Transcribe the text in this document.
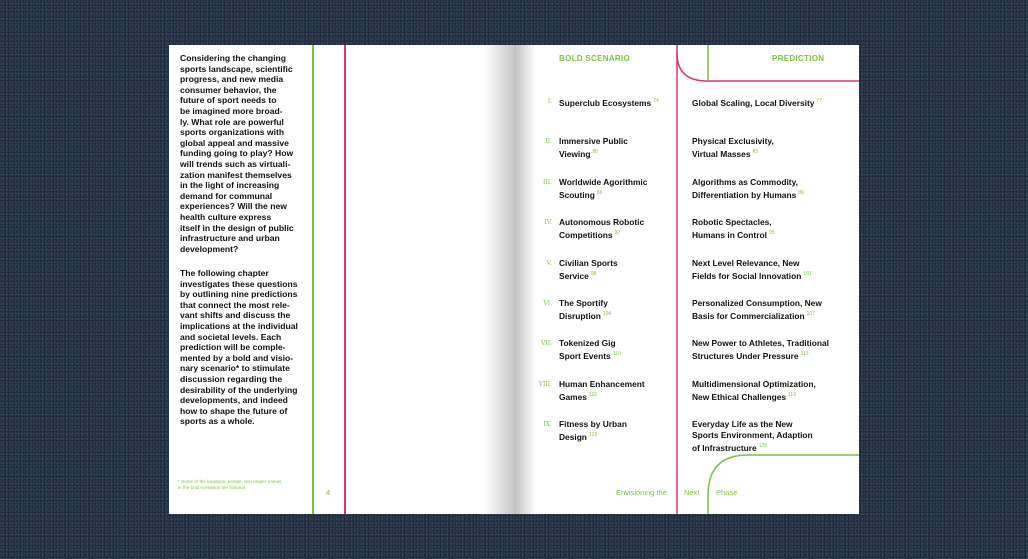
Considering the changing
sports landscape, scientific
progress, and new media
consumer behavior, the
future of sport needs to
be imagined more broad-
ly. What role are powerful
sports organizations with
global appeal and massive
funding going to play? How
will trends such as virtuali-
zation manifest themselves
in the light of increasing
demand for communal
experiences? Will the new
health culture express
itself in the design of public
infrastructure and urban
development?

The following chapter
investigates these questions
by outlining nine predictions
that connect the most rele-
vant shifts and discuss the
implications at the individual
and societal levels. Each
prediction will be comple-
mented by a bold and visio-
nary scenario* to stimulate
discussion regarding the
desirability of the underlying
developments, and indeed
how to shape the future of
sports as a whole.

* Some of the locations, people, and proper names
in the bold scenarios are fictional.
4
BOLD SCENARIO	PREDICTION
I. Superclub Ecosystems $^{74}$	Global Scaling, Local Diversity $^{77}$
II. Immersive Public
Viewing $^{80}$
Physical Exclusivity,
Virtual Masses $^{83}$
III. Worldwide Agorithmic
Scouting $^{86}$
Algorithms as Commodity,
Differentiation by Humans $^{89}$
IV. Autonomous Robotic
Competitions $^{92}$
Robotic Spectacles,
Humans in Control $^{95}$
V. Civilian Sports
Service $^{98}$
Next Level Relevance, New
Fields for Social Innovation $^{101}$
VI. The Sportify
Disruption $^{104}$
Personalized Consumption, New
Basis for Commercialization $^{107}$
VII. Tokenized Gig
Sport Events $^{110}$
New Power to Athletes, Traditional
Structures Under Pressure $^{113}$
VIII. Human Enhancement
Games $^{116}$
Multidimensional Optimization,
New Ethical Challenges $^{119}$
IX. Fitness by Urban
Design $^{122}$
Everyday Life as the New
Sports Environment, Adaption
of Infrastructure $^{125}$
Envisioning the Next Phase
